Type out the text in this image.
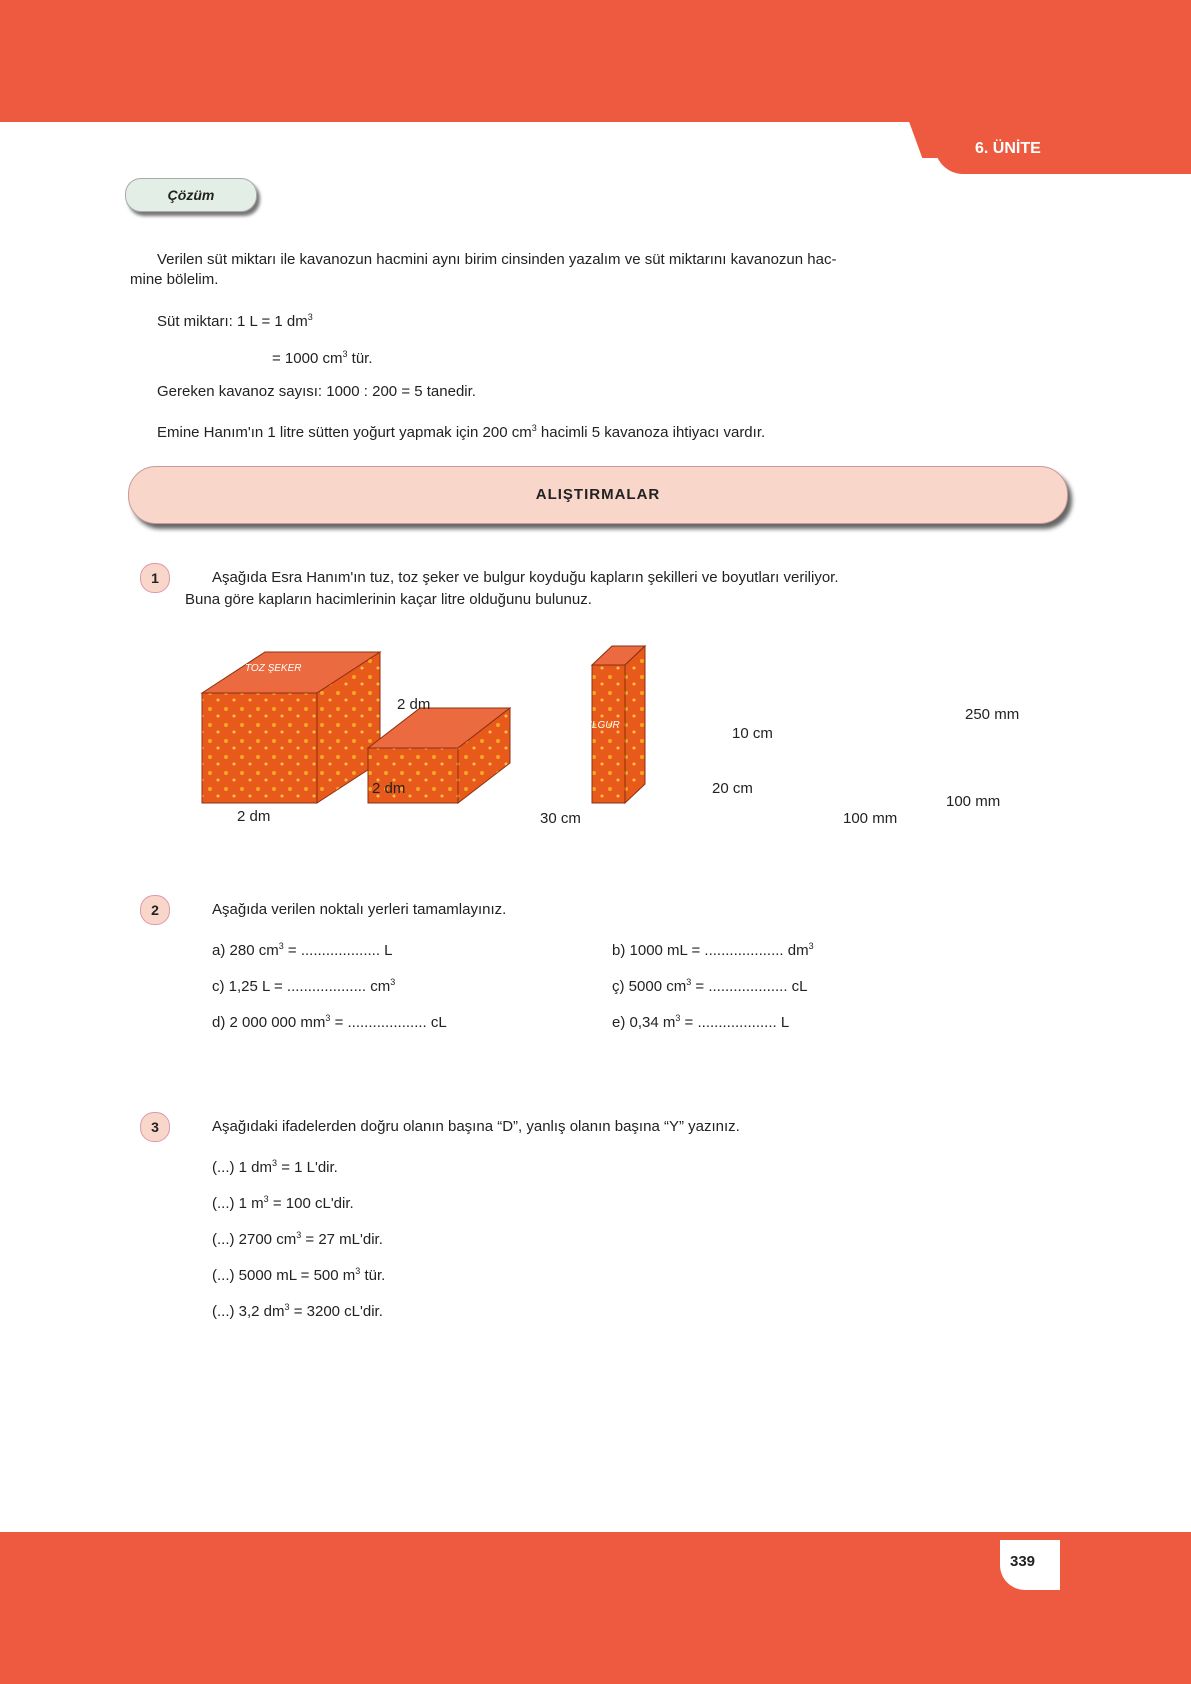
6. ÜNİTE
Çözüm
Verilen süt miktarı ile kavanozun hacmini aynı birim cinsinden yazalım ve süt miktarını kavanozun hac-
mine bölelim.
Süt miktarı: 1 L = 1 $dm^3$
= 1000 $cm^3$ tür.
Gereken kavanoz sayısı: 1000 : 200 = 5 tanedir.
Emine Hanım'ın 1 litre sütten yoğurt yapmak için 200 $cm^3$ hacimli 5 kavanoza ihtiyacı vardır.
ALIŞTIRMALAR
1	Aşağıda Esra Hanım'ın tuz, toz şeker ve bulgur koyduğu kapların şekilleri ve boyutları veriliyor.
Buna göre kapların hacimlerinin kaçar litre olduğunu bulunuz.
TOZ ŞEKER
BULGUR
TUZ
2 dm
2 dm
2 dm
10 cm
20 cm
30 cm
250 mm
100 mm
100 mm
2	Aşağıda verilen noktalı yerleri tamamlayınız.
a) 280 $cm^3$ = ................... L	b) 1000 mL = ................... $dm^3$
c) 1,25 L = ................... $cm^3$	ç) 5000 $cm^3$ = ................... cL
d) 2 000 000 $mm^3$ = ................... cL	e) 0,34 $m^3$ = ................... L
3	Aşağıdaki ifadelerden doğru olanın başına “D”, yanlış olanın başına “Y” yazınız.
(...) 1 $dm^3 = 1$ L'dir.
(...) 1 $m^3 = 100$ cL'dir.
(...) 2700 $cm^3 = 27$ mL'dir.
(...) 5000 mL = 500 $m^3$ tür.
(...) 3,2 $dm^3 = 3200$ cL'dir.
339
